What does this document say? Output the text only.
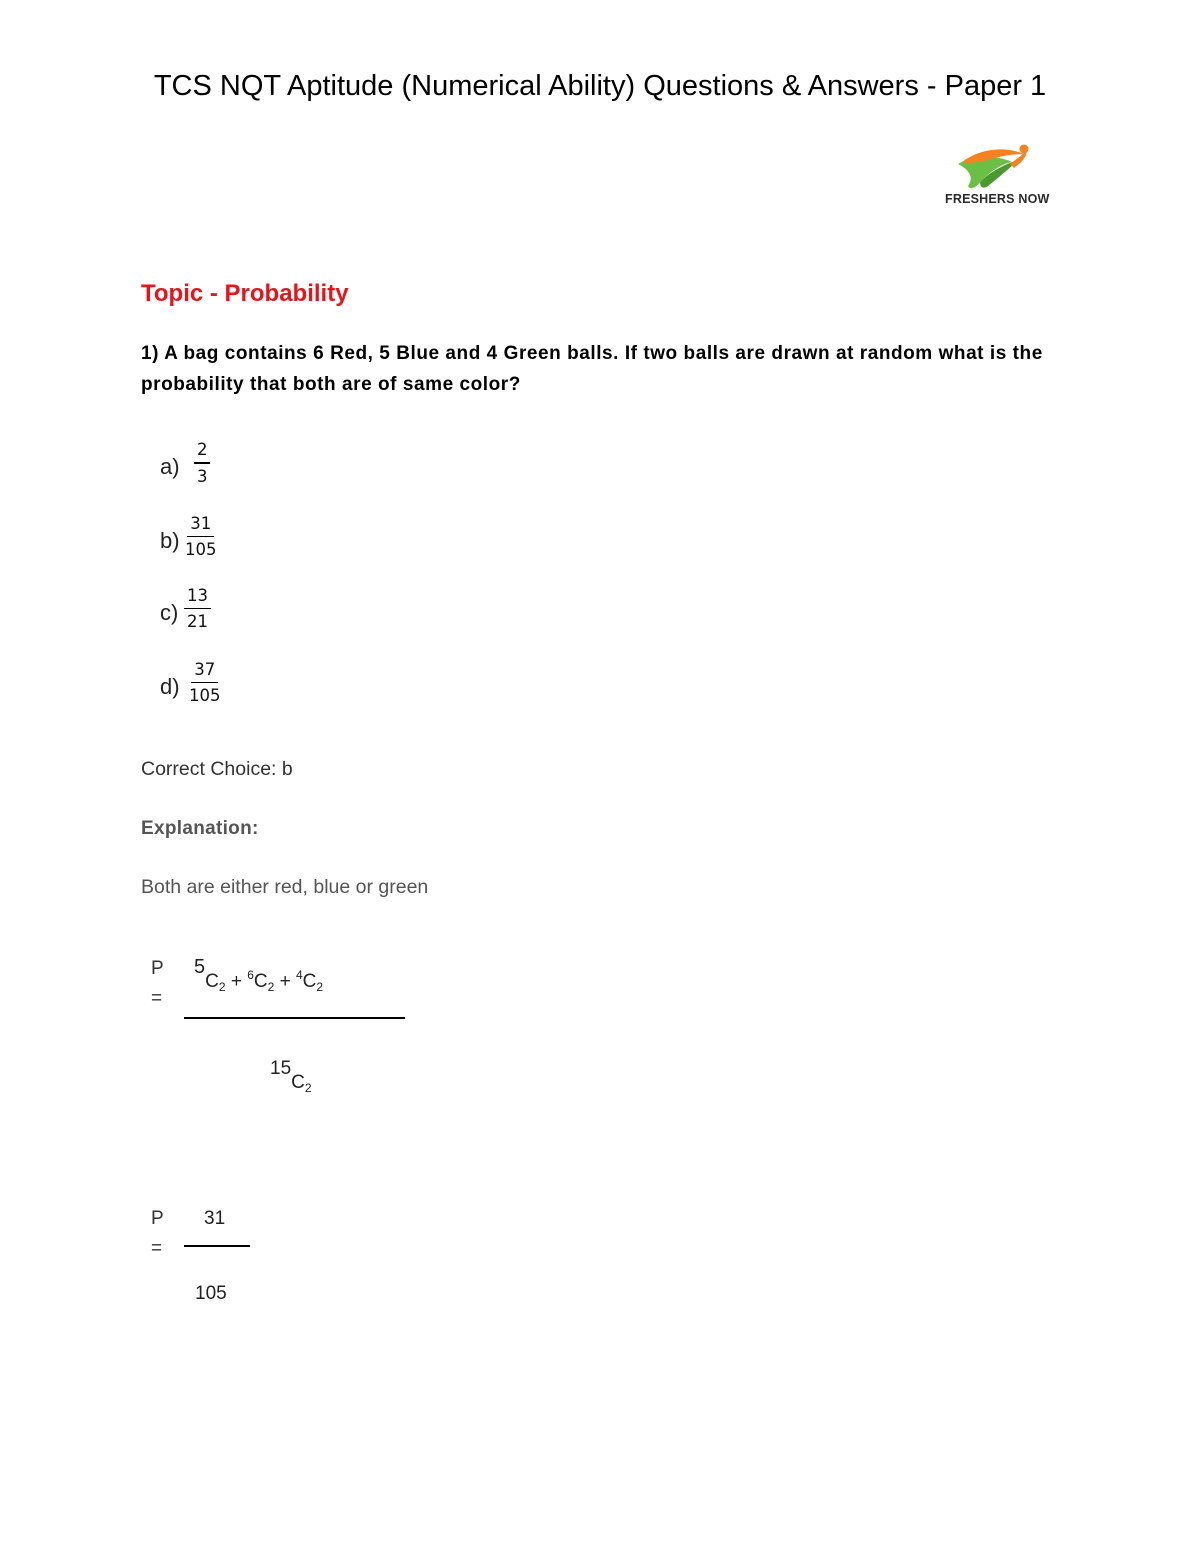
TCS NQT Aptitude (Numerical Ability) Questions & Answers - Paper 1
FRESHERS NOW
Topic - Probability
1) A bag contains 6 Red, 5 Blue and 4 Green balls. If two balls are drawn at random what is the probability that both are of same color?
a)
2
3
$b) \frac{31}{105}$
$c) \frac{13}{21}$
$d) \frac{37}{105}$
Correct Choice: b
Explanation:
Both are either red, blue or green
P
=
$5C_2 + ^6C_2 + ^4C_2$
$15C_2$
P
=
31
105
